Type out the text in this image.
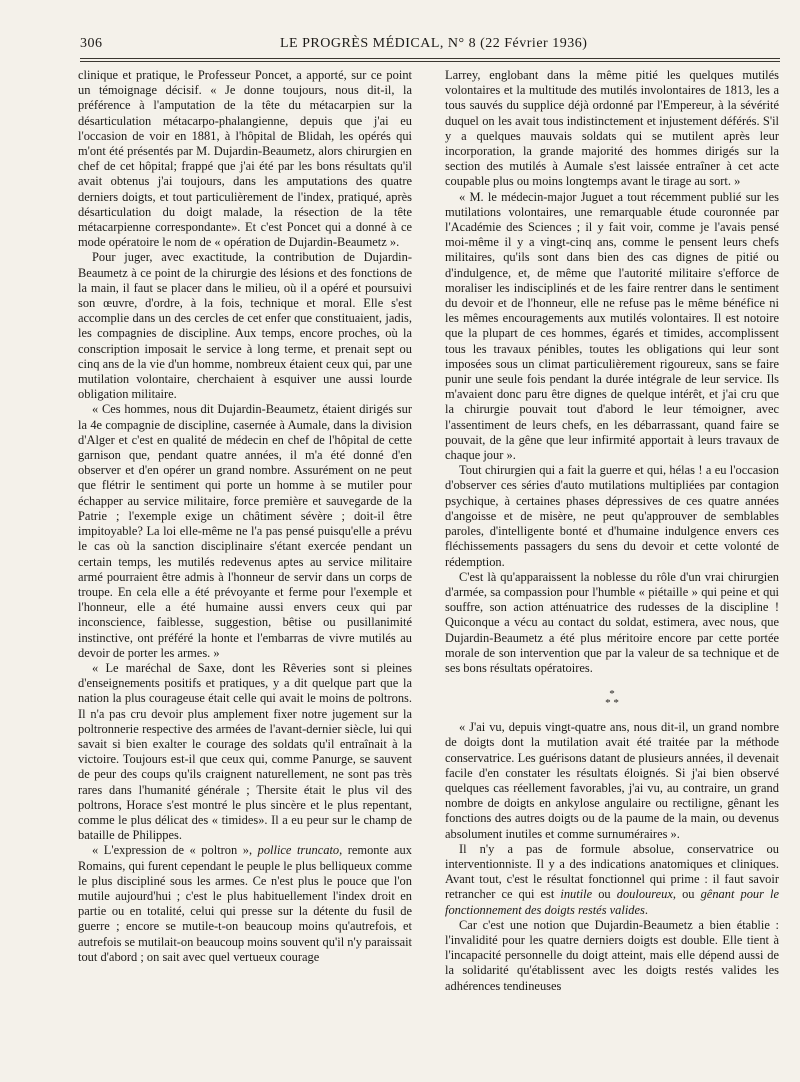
306	LE PROGRÈS MÉDICAL, N° 8 (22 Février 1936)

clinique et pratique, le Professeur Poncet, a apporté, sur ce point un témoignage décisif. « Je donne toujours, nous dit-il, la préférence à l'amputation de la tête du métacarpien sur la désarticulation métacarpo-phalangienne, depuis que j'ai eu l'occasion de voir en 1881, à l'hôpital de Blidah, les opérés qui m'ont été présentés par M. Dujardin-Beaumetz, alors chirurgien en chef de cet hôpital; frappé que j'ai été par les bons résultats qu'il avait obtenus j'ai toujours, dans les amputations des quatre derniers doigts, et tout particulièrement de l'index, pratiqué, après désarticulation du doigt malade, la résection de la tête métacarpienne correspondante». Et c'est Poncet qui a donné à ce mode opératoire le nom de « opération de Dujardin-Beaumetz ».

Pour juger, avec exactitude, la contribution de Dujardin-Beaumetz à ce point de la chirurgie des lésions et des fonctions de la main, il faut se placer dans le milieu, où il a opéré et poursuivi son œuvre, d'ordre, à la fois, technique et moral. Elle s'est accomplie dans un des cercles de cet enfer que constituaient, jadis, les compagnies de discipline. Aux temps, encore proches, où la conscription imposait le service à long terme, et prenait sept ou cinq ans de la vie d'un homme, nombreux étaient ceux qui, par une mutilation volontaire, cherchaient à esquiver une aussi lourde obligation militaire.

« Ces hommes, nous dit Dujardin-Beaumetz, étaient dirigés sur la 4e compagnie de discipline, casernée à Aumale, dans la division d'Alger et c'est en qualité de médecin en chef de l'hôpital de cette garnison que, pendant quatre années, il m'a été donné d'en observer et d'en opérer un grand nombre. Assurément on ne peut que flétrir le sentiment qui porte un homme à se mutiler pour échapper au service militaire, force première et sauvegarde de la Patrie ; l'exemple exige un châtiment sévère ; doit-il être impitoyable? La loi elle-même ne l'a pas pensé puisqu'elle a prévu le cas où la sanction disciplinaire s'étant exercée pendant un certain temps, les mutilés redevenus aptes au service militaire armé pourraient être admis à l'honneur de servir dans un corps de troupe. En cela elle a été prévoyante et ferme pour l'exemple et l'honneur, elle a été humaine aussi envers ceux qui par inconscience, faiblesse, suggestion, bêtise ou pusillanimité instinctive, ont préféré la honte et l'embarras de vivre mutilés au devoir de porter les armes. »

« Le maréchal de Saxe, dont les Rêveries sont si pleines d'enseignements positifs et pratiques, y a dit quelque part que la nation la plus courageuse était celle qui avait le moins de poltrons. Il n'a pas cru devoir plus amplement fixer notre jugement sur la poltronnerie respective des armées de l'avant-dernier siècle, lui qui savait si bien exalter le courage des soldats qu'il entraînait à la victoire. Toujours est-il que ceux qui, comme Panurge, se sauvent de peur des coups qu'ils craignent naturellement, ne sont pas très rares dans l'humanité générale ; Thersite était le plus vil des poltrons, Horace s'est montré le plus sincère et le plus repentant, comme le plus délicat des « timides». Il a eu peur sur le champ de bataille de Philippes.

« L'expression de « poltron », pollice truncato, remonte aux Romains, qui furent cependant le peuple le plus belliqueux comme le plus discipliné sous les armes. Ce n'est plus le pouce que l'on mutile aujourd'hui ; c'est le plus habituellement l'index droit en partie ou en totalité, celui qui presse sur la détente du fusil de guerre ; encore se mutile-t-on beaucoup moins qu'autrefois, et autrefois se mutilait-on beaucoup moins souvent qu'il n'y paraissait tout d'abord ; on sait avec quel vertueux courage

Larrey, englobant dans la même pitié les quelques mutilés volontaires et la multitude des mutilés involontaires de 1813, les a tous sauvés du supplice déjà ordonné par l'Empereur, à la sévérité duquel on les avait tous indistinctement et injustement déférés. S'il y a quelques mauvais soldats qui se mutilent après leur incorporation, la grande majorité des hommes dirigés sur la section des mutilés à Aumale s'est laissée entraîner à cet acte coupable plus ou moins longtemps avant le tirage au sort. »

« M. le médecin-major Juguet a tout récemment publié sur les mutilations volontaires, une remarquable étude couronnée par l'Académie des Sciences ; il y fait voir, comme je l'avais pensé moi-même il y a vingt-cinq ans, comme le pensent leurs chefs militaires, qu'ils sont dans bien des cas dignes de pitié ou d'indulgence, et, de même que l'autorité militaire s'efforce de moraliser les indisciplinés et de les faire rentrer dans le sentiment du devoir et de l'honneur, elle ne refuse pas le même bénéfice ni les mêmes encouragements aux mutilés volontaires. Il est notoire que la plupart de ces hommes, égarés et timides, accomplissent tous les travaux pénibles, toutes les obligations qui leur sont imposées sous un climat particulièrement rigoureux, sans se faire punir une seule fois pendant la durée intégrale de leur service. Ils m'avaient donc paru être dignes de quelque intérêt, et j'ai cru que la chirurgie pouvait tout d'abord le leur témoigner, avec l'assentiment de leurs chefs, en les débarrassant, quand faire se pouvait, de la gêne que leur infirmité apportait à leurs travaux de chaque jour ».

Tout chirurgien qui a fait la guerre et qui, hélas ! a eu l'occasion d'observer ces séries d'auto mutilations multipliées par contagion psychique, à certaines phases dépressives de ces quatre années d'angoisse et de misère, ne peut qu'approuver de semblables paroles, d'intelligente bonté et d'humaine indulgence envers ces fléchissements passagers du sens du devoir et cette volonté de rédemption.

C'est là qu'apparaissent la noblesse du rôle d'un vrai chirurgien d'armée, sa compassion pour l'humble « piétaille » qui peine et qui souffre, son action atténuatrice des rudesses de la discipline ! Quiconque a vécu au contact du soldat, estimera, avec nous, que Dujardin-Beaumetz a été plus méritoire encore par cette portée morale de son intervention que par la valeur de sa technique et de ses bons résultats opératoires.

*
* *

« J'ai vu, depuis vingt-quatre ans, nous dit-il, un grand nombre de doigts dont la mutilation avait été traitée par la méthode conservatrice. Les guérisons datant de plusieurs années, il devenait facile d'en constater les résultats éloignés. Si j'ai bien observé quelques cas réellement favorables, j'ai vu, au contraire, un grand nombre de doigts en ankylose angulaire ou rectiligne, gênant les fonctions des autres doigts ou de la paume de la main, ou devenus absolument inutiles et comme surnuméraires ».

Il n'y a pas de formule absolue, conservatrice ou interventionniste. Il y a des indications anatomiques et cliniques. Avant tout, c'est le résultat fonctionnel qui prime : il faut savoir retrancher ce qui est inutile ou douloureux, ou gênant pour le fonctionnement des doigts restés valides.

Car c'est une notion que Dujardin-Beaumetz a bien établie : l'invalidité pour les quatre derniers doigts est double. Elle tient à l'incapacité personnelle du doigt atteint, mais elle dépend aussi de la solidarité qu'établissent avec les doigts restés valides les adhérences tendineuses
